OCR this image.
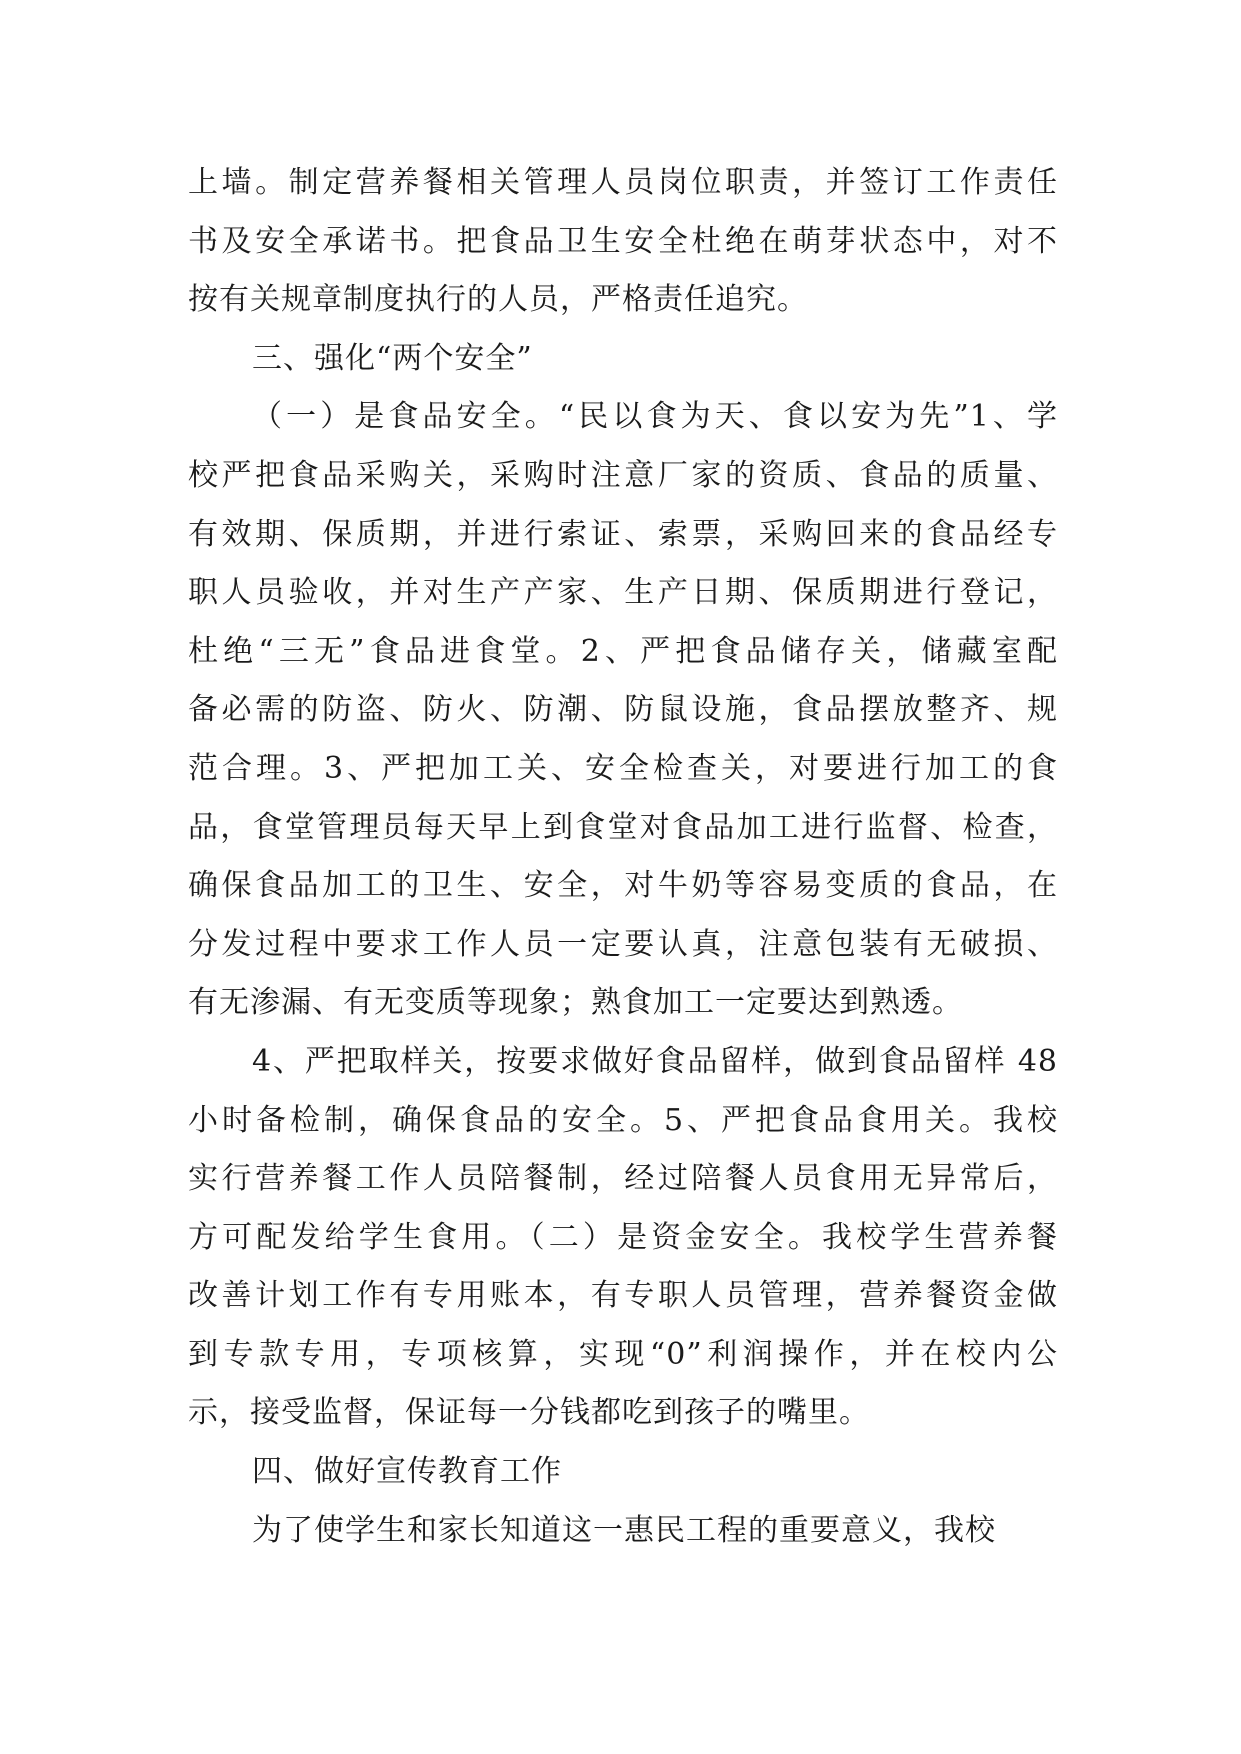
上墙。制定营养餐相关管理人员岗位职责，并签订工作责任
书及安全承诺书。把食品卫生安全杜绝在萌芽状态中，对不
按有关规章制度执行的人员，严格责任追究。
三、强化“两个安全”
（一）是食品安全。“民以食为天、食以安为先”1、学
校严把食品采购关，采购时注意厂家的资质、食品的质量、
有效期、保质期，并进行索证、索票，采购回来的食品经专
职人员验收，并对生产产家、生产日期、保质期进行登记，
杜绝“三无”食品进食堂。2、严把食品储存关，储藏室配
备必需的防盗、防火、防潮、防鼠设施，食品摆放整齐、规
范合理。3、严把加工关、安全检查关，对要进行加工的食
品，食堂管理员每天早上到食堂对食品加工进行监督、检查，
确保食品加工的卫生、安全，对牛奶等容易变质的食品，在
分发过程中要求工作人员一定要认真，注意包装有无破损、
有无渗漏、有无变质等现象；熟食加工一定要达到熟透。
4、严把取样关，按要求做好食品留样，做到食品留样 48
小时备检制，确保食品的安全。5、严把食品食用关。我校
实行营养餐工作人员陪餐制，经过陪餐人员食用无异常后，
方可配发给学生食用。（二）是资金安全。我校学生营养餐
改善计划工作有专用账本，有专职人员管理，营养餐资金做
到专款专用，专项核算，实现“0”利润操作，并在校内公
示，接受监督，保证每一分钱都吃到孩子的嘴里。
四、做好宣传教育工作
为了使学生和家长知道这一惠民工程的重要意义，我校
